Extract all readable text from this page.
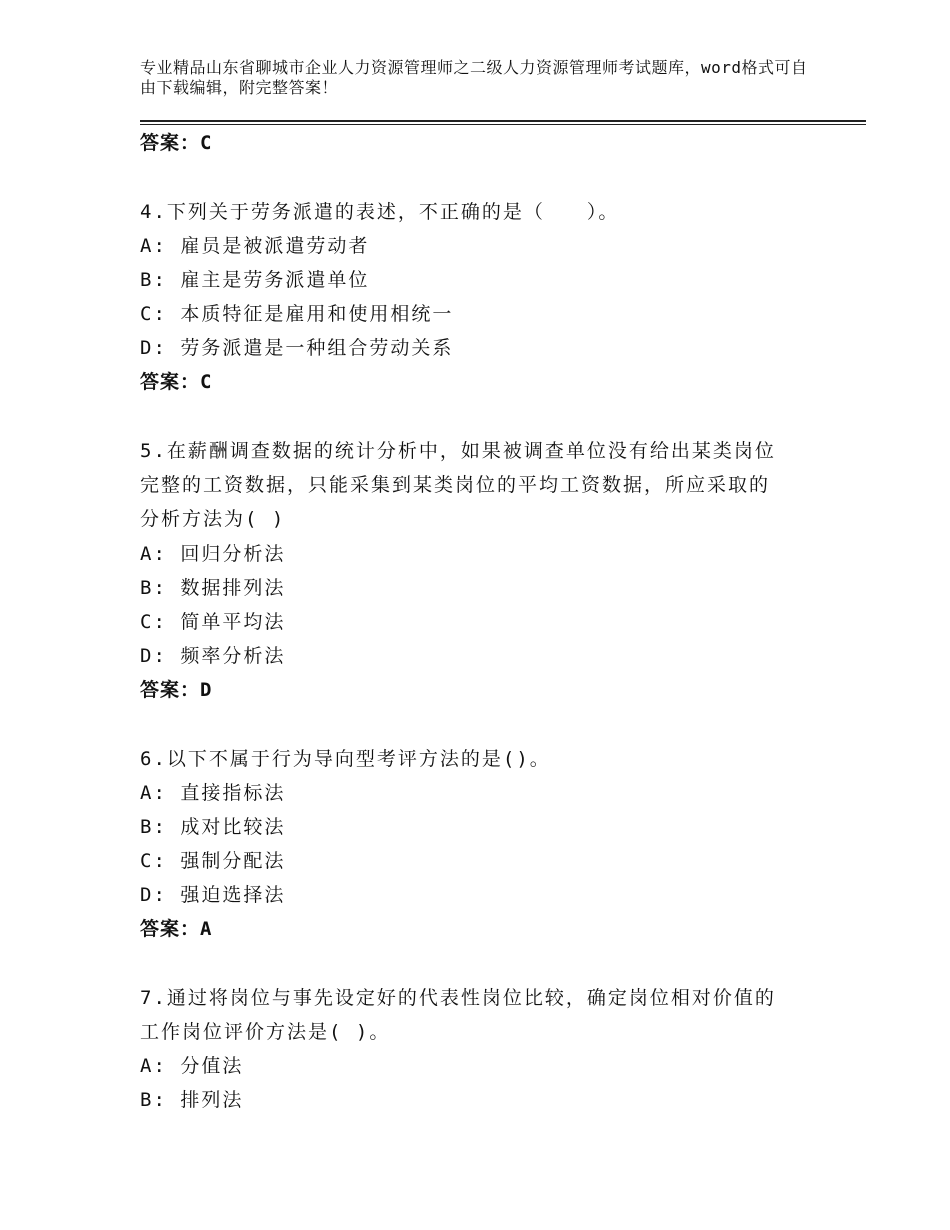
专业精品山东省聊城市企业人力资源管理师之二级人力资源管理师考试题库，word格式可自由下载编辑，附完整答案！
答案：C
4.下列关于劳务派遣的表述，不正确的是（　　）。
A: 雇员是被派遣劳动者
B: 雇主是劳务派遣单位
C: 本质特征是雇用和使用相统一
D: 劳务派遣是一种组合劳动关系
答案：C
5.在薪酬调查数据的统计分析中，如果被调查单位没有给出某类岗位
完整的工资数据，只能采集到某类岗位的平均工资数据，所应采取的
分析方法为( )
A: 回归分析法
B: 数据排列法
C: 简单平均法
D: 频率分析法
答案：D
6.以下不属于行为导向型考评方法的是()。
A: 直接指标法
B: 成对比较法
C: 强制分配法
D: 强迫选择法
答案：A
7.通过将岗位与事先设定好的代表性岗位比较，确定岗位相对价值的
工作岗位评价方法是( )。
A: 分值法
B: 排列法
